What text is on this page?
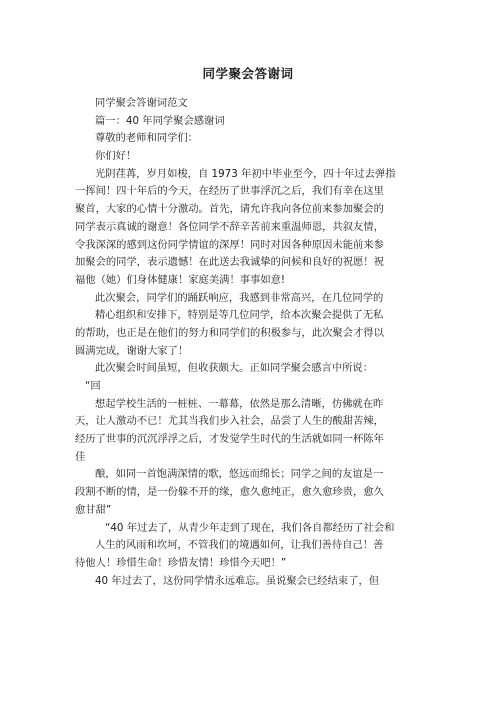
同学聚会答谢词
同学聚会答谢词范文
篇一：40 年同学聚会感谢词
尊敬的老师和同学们：
你们好！
光阴荏苒，岁月如梭，自 1973 年初中毕业至今，四十年过去弹指
一挥间！四十年后的今天，在经历了世事浮沉之后，我们有幸在这里
聚首，大家的心情十分激动。首先，请允许我向各位前来参加聚会的
同学表示真诚的谢意！各位同学不辞辛苦前来重温师恩，共叙友情，
令我深深的感到这份同学情谊的深厚！同时对因各种原因未能前来参
加聚会的同学，表示遗憾！在此送去我诚挚的问候和良好的祝愿！祝
福他（她）们身体健康！家庭美满！事事如意!
此次聚会，同学们的踊跃响应，我感到非常高兴，在几位同学的
精心组织和安排下，特别是等几位同学，给本次聚会提供了无私
的帮助，也正是在他们的努力和同学们的积极参与，此次聚会才得以
圆满完成，谢谢大家了！
此次聚会时间虽短，但收获颇大。正如同学聚会感言中所说：
“回
想起学校生活的一桩桩、一幕幕，依然是那么清晰，仿佛就在昨
天，让人激动不已！尤其当我们步入社会，品尝了人生的酸甜苦辣，
经历了世事的沉沉浮浮之后，才发觉学生时代的生活就如同一杯陈年
佳
酿，如同一首饱满深情的歌，悠远而绵长；同学之间的友谊是一
段割不断的情，是一份躲不开的缘，愈久愈纯正，愈久愈珍贵，愈久
愈甘甜”
“40 年过去了，从青少年走到了现在，我们各自都经历了社会和
人生的风雨和坎坷，不管我们的境遇如何，让我们善待自己！善
待他人！珍惜生命！珍惜友情！珍惜今天吧！”
40 年过去了，这份同学情永远难忘。虽说聚会已经结束了，但
